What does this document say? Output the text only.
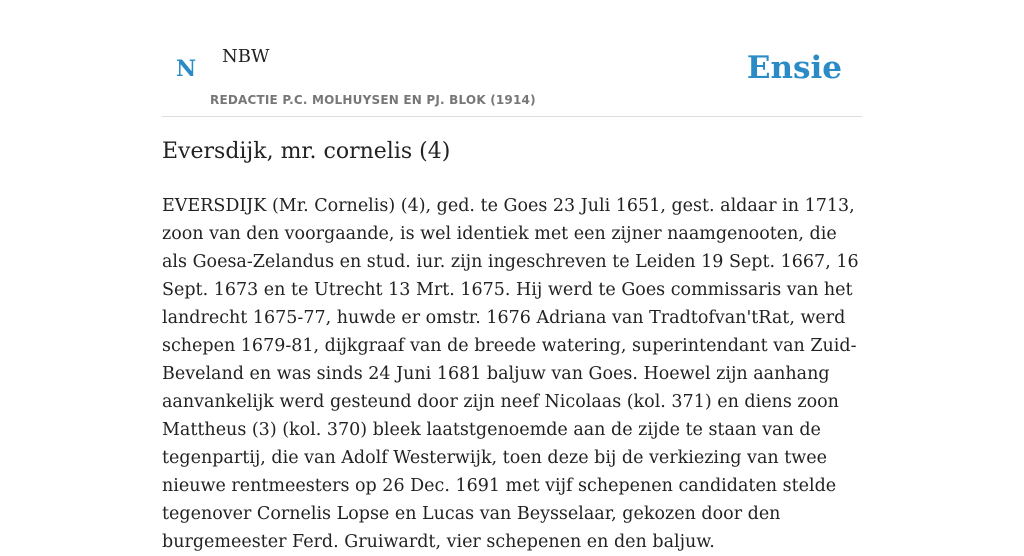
N NBW
REDACTIE P.C. MOLHUYSEN EN PJ. BLOK (1914)
Ensie
Eversdijk, mr. cornelis (4)

EVERSDIJK (Mr. Cornelis) (4), ged. te Goes 23 Juli 1651, gest. aldaar in 1713, zoon van den voorgaande, is wel identiek met een zijner naamgenooten, die als Goesa-Zelandus en stud. iur. zijn ingeschreven te Leiden 19 Sept. 1667, 16 Sept. 1673 en te Utrecht 13 Mrt. 1675. Hij werd te Goes commissaris van het landrecht 1675-77, huwde er omstr. 1676 Adriana van Tradtofvan'tRat, werd schepen 1679-81, dijkgraaf van de breede watering, superintendant van Zuid-Beveland en was sinds 24 Juni 1681 baljuw van Goes. Hoewel zijn aanhang aanvankelijk werd gesteund door zijn neef Nicolaas (kol. 371) en diens zoon Mattheus (3) (kol. 370) bleek laatstgenoemde aan de zijde te staan van de tegenpartij, die van Adolf Westerwijk, toen deze bij de verkiezing van twee nieuwe rentmeesters op 26 Dec. 1691 met vijf schepenen candidaten stelde tegenover Cornelis Lopse en Lucas van Beysselaar, gekozen door den burgemeester Ferd. Gruiwardt, vier schepenen en den baljuw.
